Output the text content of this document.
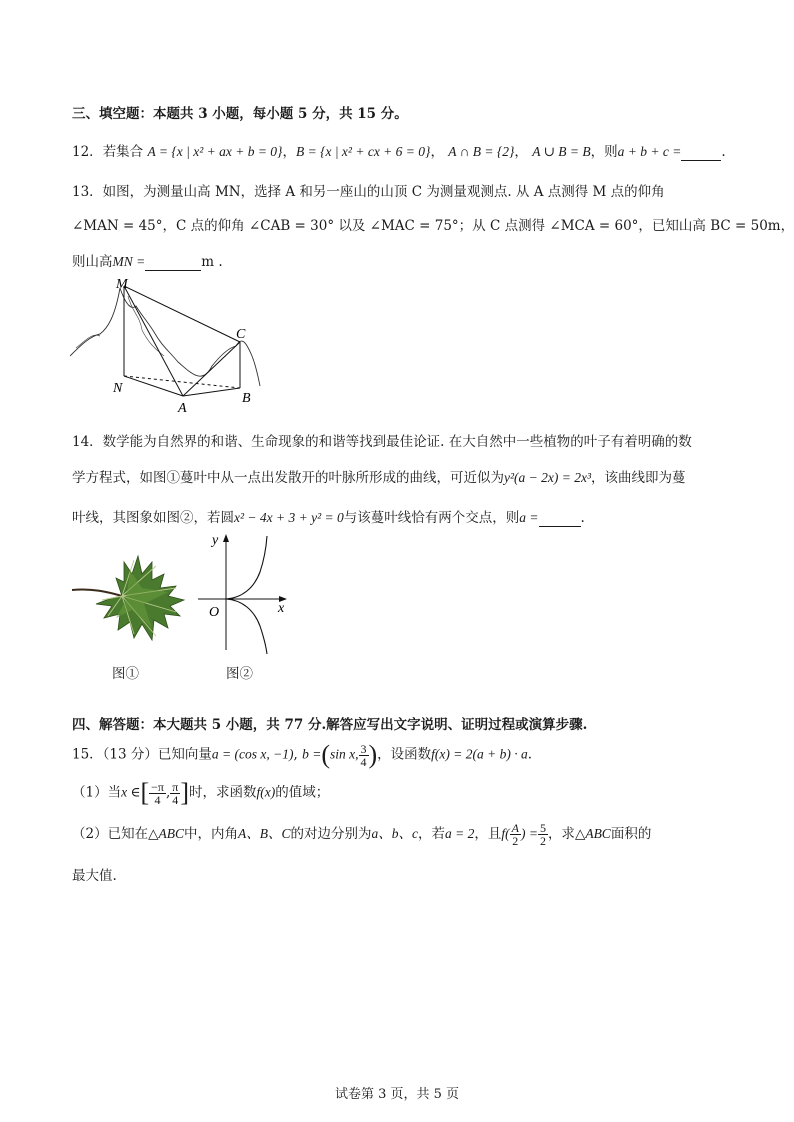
三、填空题：本题共 3 小题，每小题 5 分，共 15 分。
12．若集合 A = {x | x² + ax + b = 0}，B = {x | x² + cx + 6 = 0}， A ∩ B = {2}， A ∪ B = B，则a + b + c =	.
13．如图，为测量山高 MN，选择 A 和另一座山的山顶 C 为测量观测点. 从 A 点测得 M 点的仰角
∠MAN = 45°，C 点的仰角 ∠CAB = 30° 以及 ∠MAC = 75°；从 C 点测得 ∠MCA = 60°，已知山高 BC = 50m，
则山高MN =	m .
M
C
N
A
B
14．数学能为自然界的和谐、生命现象的和谐等找到最佳论证. 在大自然中一些植物的叶子有着明确的数
学方程式，如图①蔓叶中从一点出发散开的叶脉所形成的曲线，可近似为y²(a − 2x) = 2x³，该曲线即为蔓
叶线，其图象如图②，若圆x² − 4x + 3 + y² = 0与该蔓叶线恰有两个交点，则a =	.
y
x
O
图①	图②
四、解答题：本大题共 5 小题，共 77 分.解答应写出文字说明、证明过程或演算步骤.
15．（13 分）已知向量a = (cos x, −1), b =(sin x, $\frac{3}{4}$ )，设函数f(x) = 2(a + b) · a.
（1）当x ∈[ $\frac{-\pi}{4}$ , $\frac{\pi}{4}$ ]时，求函数f(x)的值域；
（2）已知在△ABC中，内角A、B、C的对边分别为a、b、c，若a = 2，且$f( \frac{A}{2}$ ) = $\frac{5}{2}$ ，求△ABC面积的
最大值.
试卷第 3 页，共 5 页
